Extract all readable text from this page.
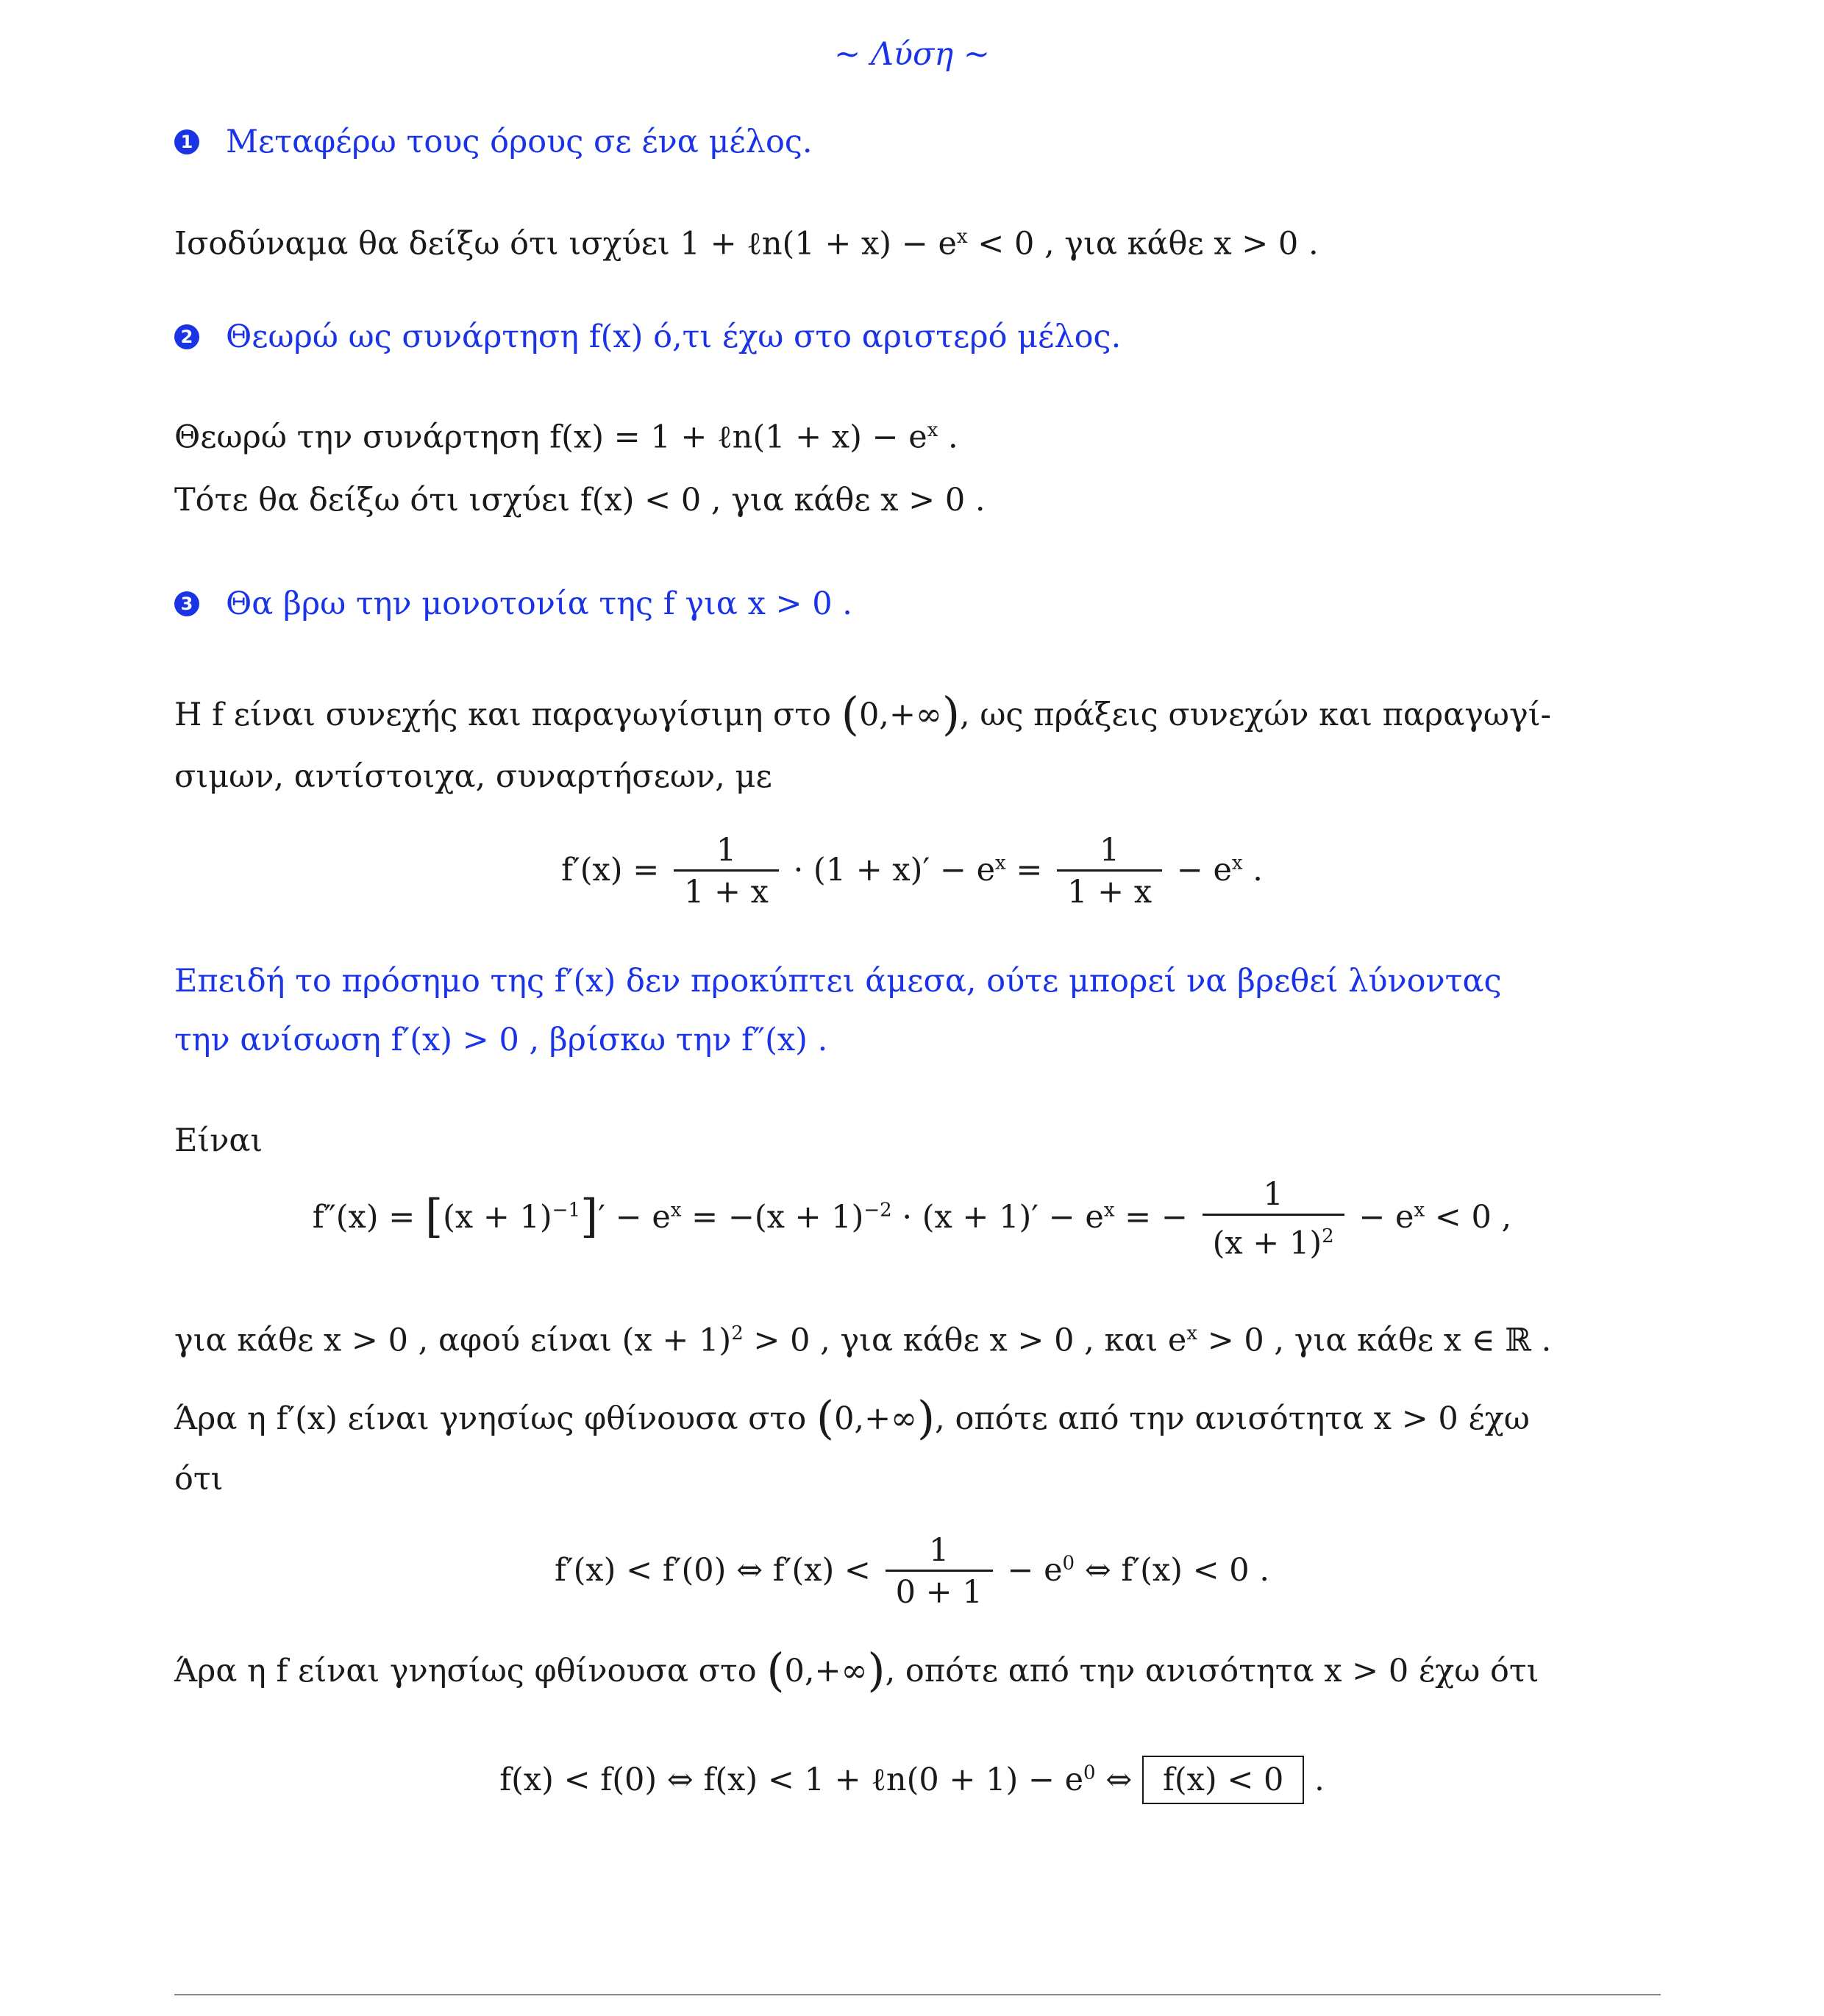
~ Λύση ~
1 Μεταφέρω τους όρους σε ένα μέλος.
Ισοδύναμα θα δείξω ότι ισχύει 1 + ℓn(1 + $x) - e^x < 0$ , για κάθε x > 0 .
2 Θεωρώ ως συνάρτηση f(x) ό,τι έχω στο αριστερό μέλος.
Θεωρώ την συνάρτηση f(x) = 1 + ℓn(1 + $x) - e^x$ .
Τότε θα δείξω ότι ισχύει f(x) < 0 , για κάθε x > 0 .
3 Θα βρω την μονοτονία της f για x > 0 .
Η f είναι συνεχής και παραγωγίσιμη στο (0,+∞), ως πράξεις συνεχών και παραγωγί-
σιμων, αντίστοιχα, συναρτήσεων, με
$f'(x) = \frac{1}{1 + x} \cdot (1 + x)' - e^x = \frac{1}{1 + x} - e^x$ .
Επειδή το πρόσημο της f′(x) δεν προκύπτει άμεσα, ούτε μπορεί να βρεθεί λύνοντας
την ανίσωση f′(x) > 0 , βρίσκω την f″(x) .
Είναι
$f''(x) = [(x + 1)^{-1}]' - e^x = -(x + 1)^{-2} \cdot (x + 1)' - e^x$ = − $\frac{1}{(x + 1)^2} - e^x < 0$ ,
για κάθε x > 0 , αφού είναι $(x + 1)^2 > 0$ , για κάθε x > 0 , και $e^x > 0$ , για κάθε x ∈ ℝ .
Άρα η f′(x) είναι γνησίως φθίνουσα στο (0,+∞), οπότε από την ανισότητα x > 0 έχω
ότι
f′(x) < f′(0) ⇔ $f'(x) < \frac{1}{0 + 1} - e^0$ ⇔ f′(x) < 0 .
Άρα η f είναι γνησίως φθίνουσα στο (0,+∞), οπότε από την ανισότητα x > 0 έχω ότι
f(x) < f(0) ⇔ f(x) < 1 + ℓn(0 + $1) - e^0$ ⇔ f(x) < 0 .
